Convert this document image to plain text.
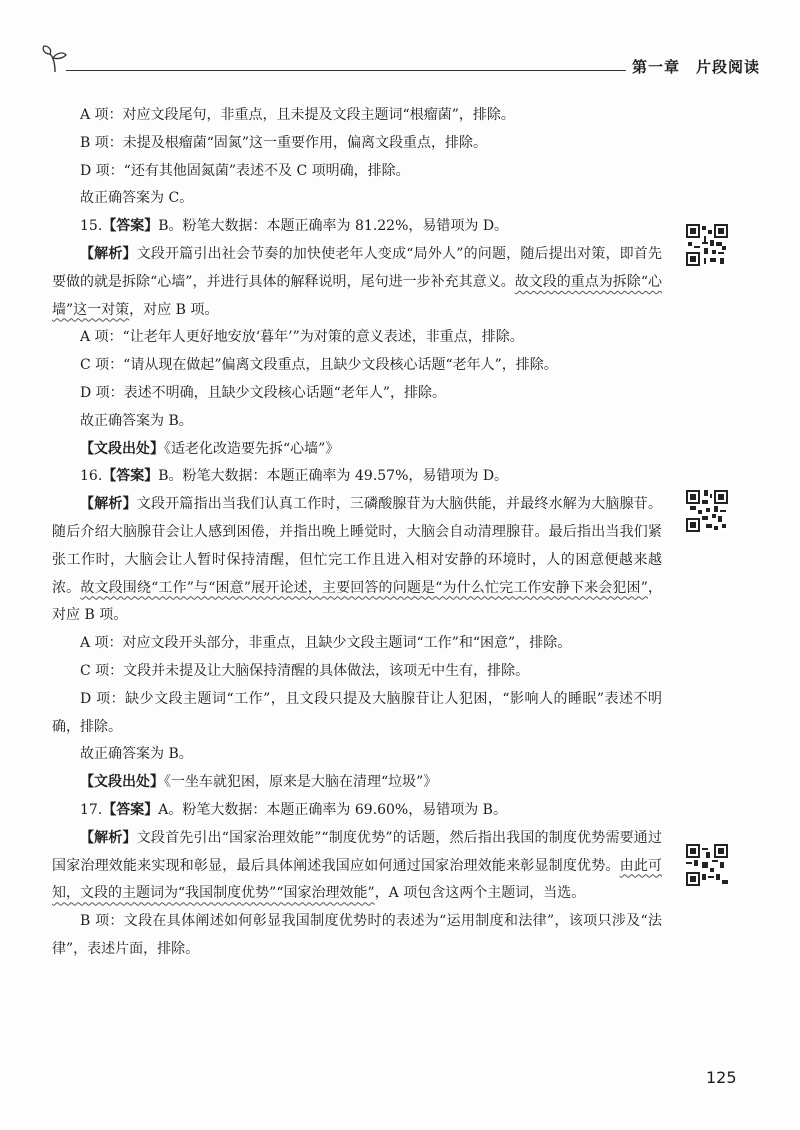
第一章　片段阅读

A 项：对应文段尾句，非重点，且未提及文段主题词“根瘤菌”，排除。

B 项：未提及根瘤菌“固氮”这一重要作用，偏离文段重点，排除。

D 项：“还有其他固氮菌”表述不及 C 项明确，排除。

故正确答案为 C。

15.【答案】B。粉笔大数据：本题正确率为 81.22%，易错项为 D。

【解析】文段开篇引出社会节奏的加快使老年人变成“局外人”的问题，随后提出对策，即首先要做的就是拆除“心墙”，并进行具体的解释说明，尾句进一步补充其意义。故文段的重点为拆除“心墙”这一对策，对应 B 项。

A 项：“让老年人更好地安放‘暮年’”为对策的意义表述，非重点，排除。

C 项：“请从现在做起”偏离文段重点，且缺少文段核心话题“老年人”，排除。

D 项：表述不明确，且缺少文段核心话题“老年人”，排除。

故正确答案为 B。

【文段出处】《适老化改造要先拆“心墙”》

16.【答案】B。粉笔大数据：本题正确率为 49.57%，易错项为 D。

【解析】文段开篇指出当我们认真工作时，三磷酸腺苷为大脑供能，并最终水解为大脑腺苷。随后介绍大脑腺苷会让人感到困倦，并指出晚上睡觉时，大脑会自动清理腺苷。最后指出当我们紧张工作时，大脑会让人暂时保持清醒，但忙完工作且进入相对安静的环境时，人的困意便越来越浓。故文段围绕“工作”与“困意”展开论述，主要回答的问题是“为什么忙完工作安静下来会犯困”，对应 B 项。

A 项：对应文段开头部分，非重点，且缺少文段主题词“工作”和“困意”，排除。

C 项：文段并未提及让大脑保持清醒的具体做法，该项无中生有，排除。

D 项：缺少文段主题词“工作”，且文段只提及大脑腺苷让人犯困，“影响人的睡眠”表述不明确，排除。

故正确答案为 B。

【文段出处】《一坐车就犯困，原来是大脑在清理“垃圾”》

17.【答案】A。粉笔大数据：本题正确率为 69.60%，易错项为 B。

【解析】文段首先引出“国家治理效能”“制度优势”的话题，然后指出我国的制度优势需要通过国家治理效能来实现和彰显，最后具体阐述我国应如何通过国家治理效能来彰显制度优势。由此可知，文段的主题词为“我国制度优势”“国家治理效能”，A 项包含这两个主题词，当选。

B 项：文段在具体阐述如何彰显我国制度优势时的表述为“运用制度和法律”，该项只涉及“法律”，表述片面，排除。

125
